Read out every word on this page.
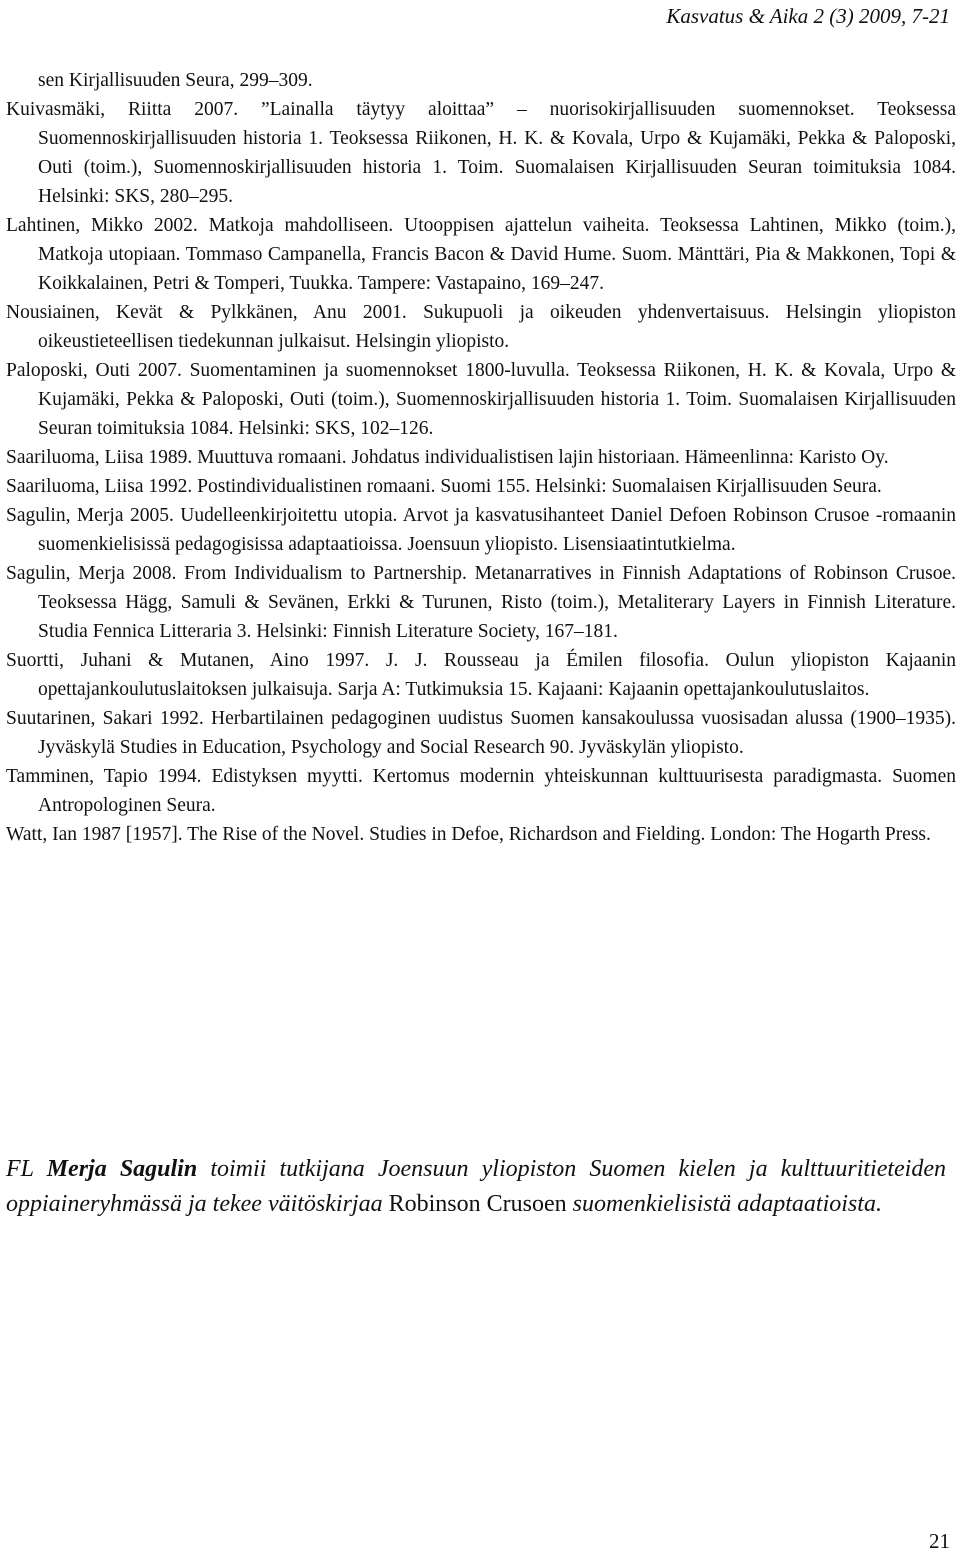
Kasvatus & Aika 2 (3) 2009, 7-21
sen Kirjallisuuden Seura, 299–309.
Kuivasmäki, Riitta 2007. ”Lainalla täytyy aloittaa” – nuorisokirjallisuuden suomennokset. Teoksessa Suomennoskirjallisuuden historia 1. Teoksessa Riikonen, H. K. & Kovala, Urpo & Kujamäki, Pekka & Paloposki, Outi (toim.), Suomennoskirjallisuuden historia 1. Toim. Suomalaisen Kirjallisuuden Seuran toimituksia 1084. Helsinki: SKS, 280–295.
Lahtinen, Mikko 2002. Matkoja mahdolliseen. Utooppisen ajattelun vaiheita. Teoksessa Lahtinen, Mikko (toim.), Matkoja utopiaan. Tommaso Campanella, Francis Bacon & David Hume. Suom. Mänttäri, Pia & Makkonen, Topi & Koikkalainen, Petri & Tomperi, Tuukka. Tampere: Vastapaino, 169–247.
Nousiainen, Kevät & Pylkkänen, Anu 2001. Sukupuoli ja oikeuden yhdenvertaisuus. Helsingin yliopiston oikeustieteellisen tiedekunnan julkaisut. Helsingin yliopisto.
Paloposki, Outi 2007. Suomentaminen ja suomennokset 1800-luvulla. Teoksessa Riikonen, H. K. & Kovala, Urpo & Kujamäki, Pekka & Paloposki, Outi (toim.), Suomennoskirjallisuuden historia 1. Toim. Suomalaisen Kirjallisuuden Seuran toimituksia 1084. Helsinki: SKS, 102–126.
Saariluoma, Liisa 1989. Muuttuva romaani. Johdatus individualistisen lajin historiaan. Hämeenlinna: Karisto Oy.
Saariluoma, Liisa 1992. Postindividualistinen romaani. Suomi 155. Helsinki: Suomalaisen Kirjallisuuden Seura.
Sagulin, Merja 2005. Uudelleenkirjoitettu utopia. Arvot ja kasvatusihanteet Daniel Defoen Robinson Crusoe -romaanin suomenkielisissä pedagogisissa adaptaatioissa. Joensuun yliopisto. Lisensiaatintutkielma.
Sagulin, Merja 2008. From Individualism to Partnership. Metanarratives in Finnish Adaptations of Robinson Crusoe. Teoksessa Hägg, Samuli & Sevänen, Erkki & Turunen, Risto (toim.), Metaliterary Layers in Finnish Literature. Studia Fennica Litteraria 3. Helsinki: Finnish Literature Society, 167–181.
Suortti, Juhani & Mutanen, Aino 1997. J. J. Rousseau ja Émilen filosofia. Oulun yliopiston Kajaanin opettajankoulutuslaitoksen julkaisuja. Sarja A: Tutkimuksia 15. Kajaani: Kajaanin opettajankoulutuslaitos.
Suutarinen, Sakari 1992. Herbartilainen pedagoginen uudistus Suomen kansakoulussa vuosisadan alussa (1900–1935). Jyväskylä Studies in Education, Psychology and Social Research 90. Jyväskylän yliopisto.
Tamminen, Tapio 1994. Edistyksen myytti. Kertomus modernin yhteiskunnan kulttuurisesta paradigmasta. Suomen Antropologinen Seura.
Watt, Ian 1987 [1957]. The Rise of the Novel. Studies in Defoe, Richardson and Fielding. London: The Hogarth Press.
FL Merja Sagulin toimii tutkijana Joensuun yliopiston Suomen kielen ja kulttuuritieteiden oppiaineryhmässä ja tekee väitöskirjaa Robinson Crusoen suomenkielisistä adaptaatioista.
21
